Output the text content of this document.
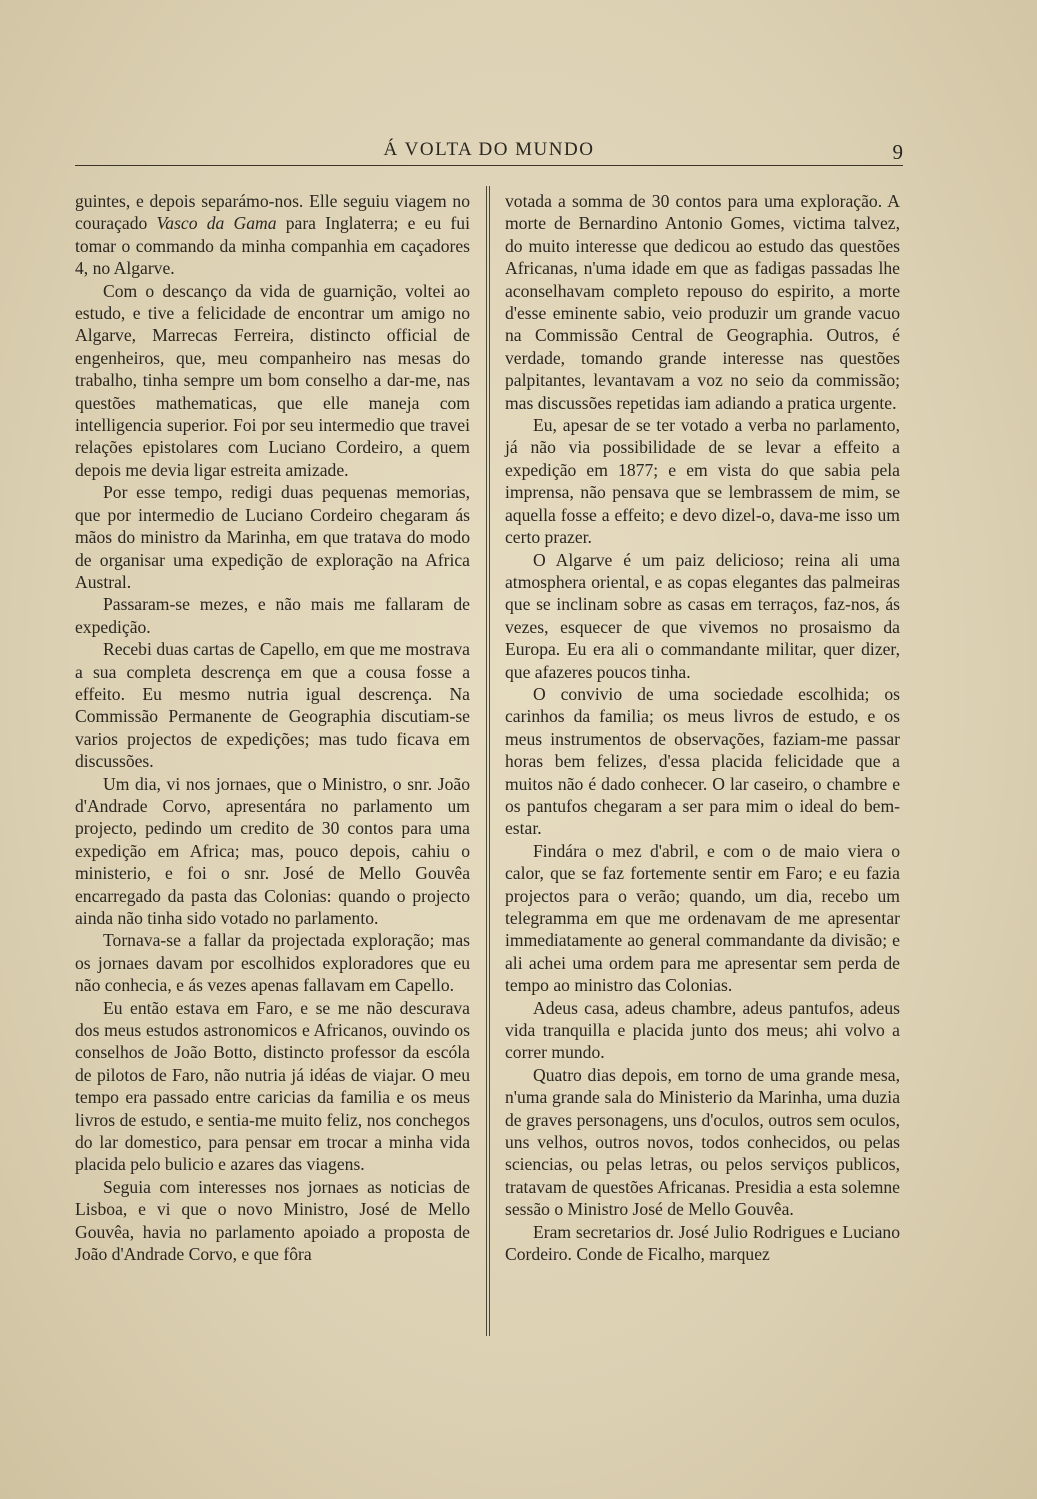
Á VOLTA DO MUNDO	9

guintes, e depois separámo-nos. Elle seguiu viagem no couraçado Vasco da Gama para Inglaterra; e eu fui tomar o commando da minha companhia em caçadores 4, no Algarve.

Com o descanço da vida de guarnição, voltei ao estudo, e tive a felicidade de encontrar um amigo no Algarve, Marrecas Ferreira, distincto official de engenheiros, que, meu companheiro nas mesas do trabalho, tinha sempre um bom conselho a dar-me, nas questões mathematicas, que elle maneja com intelligencia superior. Foi por seu intermedio que travei relações epistolares com Luciano Cordeiro, a quem depois me devia ligar estreita amizade.

Por esse tempo, redigi duas pequenas memorias, que por intermedio de Luciano Cordeiro chegaram ás mãos do ministro da Marinha, em que tratava do modo de organisar uma expedição de exploração na Africa Austral.

Passaram-se mezes, e não mais me fallaram de expedição.

Recebi duas cartas de Capello, em que me mostrava a sua completa descrença em que a cousa fosse a effeito. Eu mesmo nutria igual descrença. Na Commissão Permanente de Geographia discutiam-se varios projectos de expedições; mas tudo ficava em discussões.

Um dia, vi nos jornaes, que o Ministro, o snr. João d'Andrade Corvo, apresentára no parlamento um projecto, pedindo um credito de 30 contos para uma expedição em Africa; mas, pouco depois, cahiu o ministerio, e foi o snr. José de Mello Gouvêa encarregado da pasta das Colonias: quando o projecto ainda não tinha sido votado no parlamento.

Tornava-se a fallar da projectada exploração; mas os jornaes davam por escolhidos exploradores que eu não conhecia, e ás vezes apenas fallavam em Capello.

Eu então estava em Faro, e se me não descurava dos meus estudos astronomicos e Africanos, ouvindo os conselhos de João Botto, distincto professor da escóla de pilotos de Faro, não nutria já idéas de viajar. O meu tempo era passado entre caricias da familia e os meus livros de estudo, e sentia-me muito feliz, nos conchegos do lar domestico, para pensar em trocar a minha vida placida pelo bulicio e azares das viagens.

Seguia com interesses nos jornaes as noticias de Lisboa, e vi que o novo Ministro, José de Mello Gouvêa, havia no parlamento apoiado a proposta de João d'Andrade Corvo, e que fôra

votada a somma de 30 contos para uma exploração. A morte de Bernardino Antonio Gomes, victima talvez, do muito interesse que dedicou ao estudo das questões Africanas, n'uma idade em que as fadigas passadas lhe aconselhavam completo repouso do espirito, a morte d'esse eminente sabio, veio produzir um grande vacuo na Commissão Central de Geographia. Outros, é verdade, tomando grande interesse nas questões palpitantes, levantavam a voz no seio da commissão; mas discussões repetidas iam adiando a pratica urgente.

Eu, apesar de se ter votado a verba no parlamento, já não via possibilidade de se levar a effeito a expedição em 1877; e em vista do que sabia pela imprensa, não pensava que se lembrassem de mim, se aquella fosse a effeito; e devo dizel-o, dava-me isso um certo prazer.

O Algarve é um paiz delicioso; reina ali uma atmosphera oriental, e as copas elegantes das palmeiras que se inclinam sobre as casas em terraços, faz-nos, ás vezes, esquecer de que vivemos no prosaismo da Europa. Eu era ali o commandante militar, quer dizer, que afazeres poucos tinha.

O convivio de uma sociedade escolhida; os carinhos da familia; os meus livros de estudo, e os meus instrumentos de observações, faziam-me passar horas bem felizes, d'essa placida felicidade que a muitos não é dado conhecer. O lar caseiro, o chambre e os pantufos chegaram a ser para mim o ideal do bem-estar.

Findára o mez d'abril, e com o de maio viera o calor, que se faz fortemente sentir em Faro; e eu fazia projectos para o verão; quando, um dia, recebo um telegramma em que me ordenavam de me apresentar immediatamente ao general commandante da divisão; e ali achei uma ordem para me apresentar sem perda de tempo ao ministro das Colonias.

Adeus casa, adeus chambre, adeus pantufos, adeus vida tranquilla e placida junto dos meus; ahi volvo a correr mundo.

Quatro dias depois, em torno de uma grande mesa, n'uma grande sala do Ministerio da Marinha, uma duzia de graves personagens, uns d'oculos, outros sem oculos, uns velhos, outros novos, todos conhecidos, ou pelas sciencias, ou pelas letras, ou pelos serviços publicos, tratavam de questões Africanas. Presidia a esta solemne sessão o Ministro José de Mello Gouvêa.

Eram secretarios dr. José Julio Rodrigues e Luciano Cordeiro. Conde de Ficalho, marquez
